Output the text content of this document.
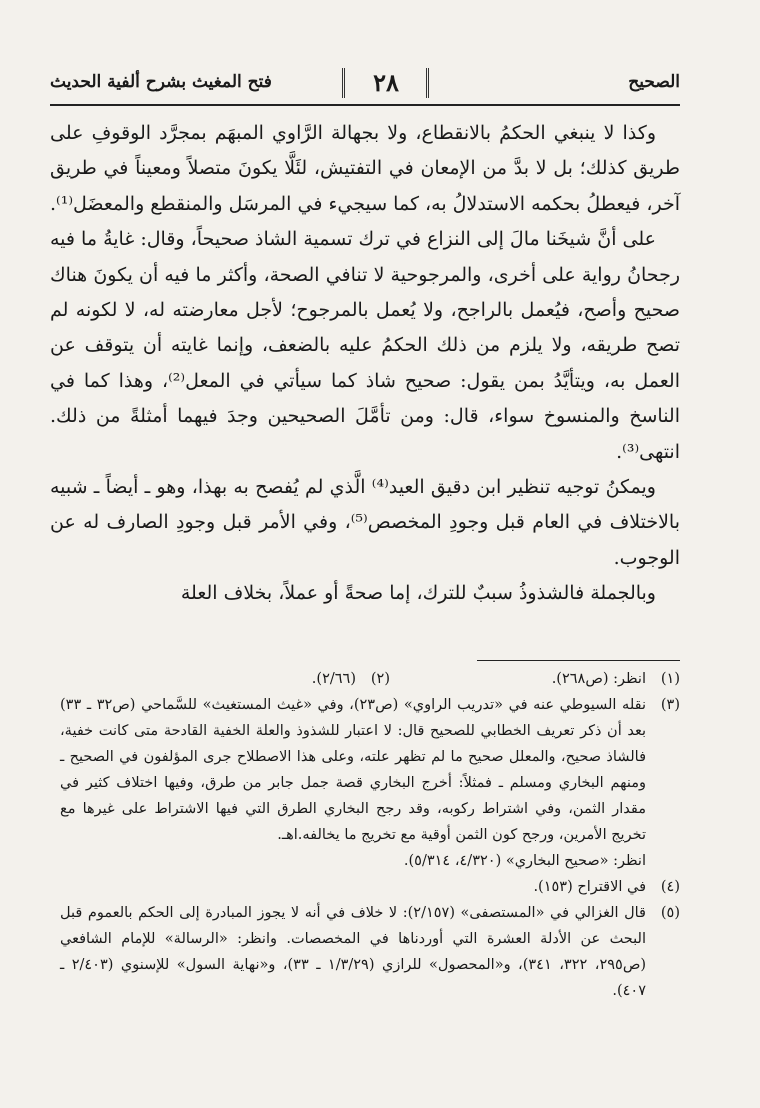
الصحيح
٢٨
فتح المغيث بشرح ألفية الحديث

وكذا لا ينبغي الحكمُ بالانقطاع، ولا بجهالة الرَّاوي المبهَم بمجرَّد الوقوفِ على طريق كذلك؛ بل لا بدَّ من الإمعان في التفتيش، لئَلَّا يكونَ متصلاً ومعيناً في طريق آخر، فيعطلُ بحكمه الاستدلالُ به، كما سيجيء في المرسَل والمنقطع والمعضَل⁽¹⁾.

على أنَّ شيخَنا مالَ إلى النزاع في ترك تسمية الشاذ صحيحاً، وقال: غايةُ ما فيه رجحانُ رواية على أخرى، والمرجوحية لا تنافي الصحة، وأكثر ما فيه أن يكونَ هناك صحيح وأصح، فيُعمل بالراجح، ولا يُعمل بالمرجوح؛ لأجل معارضته له، لا لكونه لم تصح طريقه، ولا يلزم من ذلك الحكمُ عليه بالضعف، وإنما غايته أن يتوقف عن العمل به، ويتأيَّدُ بمن يقول: صحيح شاذ كما سيأتي في المعل⁽²⁾، وهذا كما في الناسخ والمنسوخ سواء، قال: ومن تأمَّلَ الصحيحين وجدَ فيهما أمثلةً من ذلك. انتهى⁽³⁾.

ويمكنُ توجيه تنظير ابن دقيق العيد⁽⁴⁾ الَّذي لم يُفصح به بهذا، وهو ـ أيضاً ـ شبيه بالاختلاف في العام قبل وجودِ المخصص⁽⁵⁾، وفي الأمر قبل وجودِ الصارف له عن الوجوب.

وبالجملة فالشذوذُ سببٌ للترك، إما صحةً أو عملاً، بخلاف العلة

(١)
انظر: (ص٢٦٨).
(٢)
(٢/٦٦).
(٣)
نقله السيوطي عنه في «تدريب الراوي» (ص٢٣)، وفي «غيث المستغيث» للسَّماحي (ص٣٢ ـ ٣٣) بعد أن ذكر تعريف الخطابي للصحيح قال: لا اعتبار للشذوذ والعلة الخفية القادحة متى كانت خفية، فالشاذ صحيح، والمعلل صحيح ما لم تظهر علته، وعلى هذا الاصطلاح جرى المؤلفون في الصحيح ـ ومنهم البخاري ومسلم ـ فمثلاً: أخرج البخاري قصة جمل جابر من طرق، وفيها اختلاف كثير في مقدار الثمن، وفي اشتراط ركوبه، وقد رجح البخاري الطرق التي فيها الاشتراط على غيرها مع تخريج الأمرين، ورجح كون الثمن أوقية مع تخريج ما يخالفه.اهـ.
انظر: «صحيح البخاري» (٤/٣٢٠، ٥/٣١٤).
(٤)
في الاقتراح (١٥٣).
(٥)
قال الغزالي في «المستصفى» (٢/١٥٧): لا خلاف في أنه لا يجوز المبادرة إلى الحكم بالعموم قبل البحث عن الأدلة العشرة التي أوردناها في المخصصات. وانظر: «الرسالة» للإمام الشافعي (ص٢٩٥، ٣٢٢، ٣٤١)، و«المحصول» للرازي (١/٣/٢٩ ـ ٣٣)، و«نهاية السول» للإسنوي (٢/٤٠٣ ـ ٤٠٧).
